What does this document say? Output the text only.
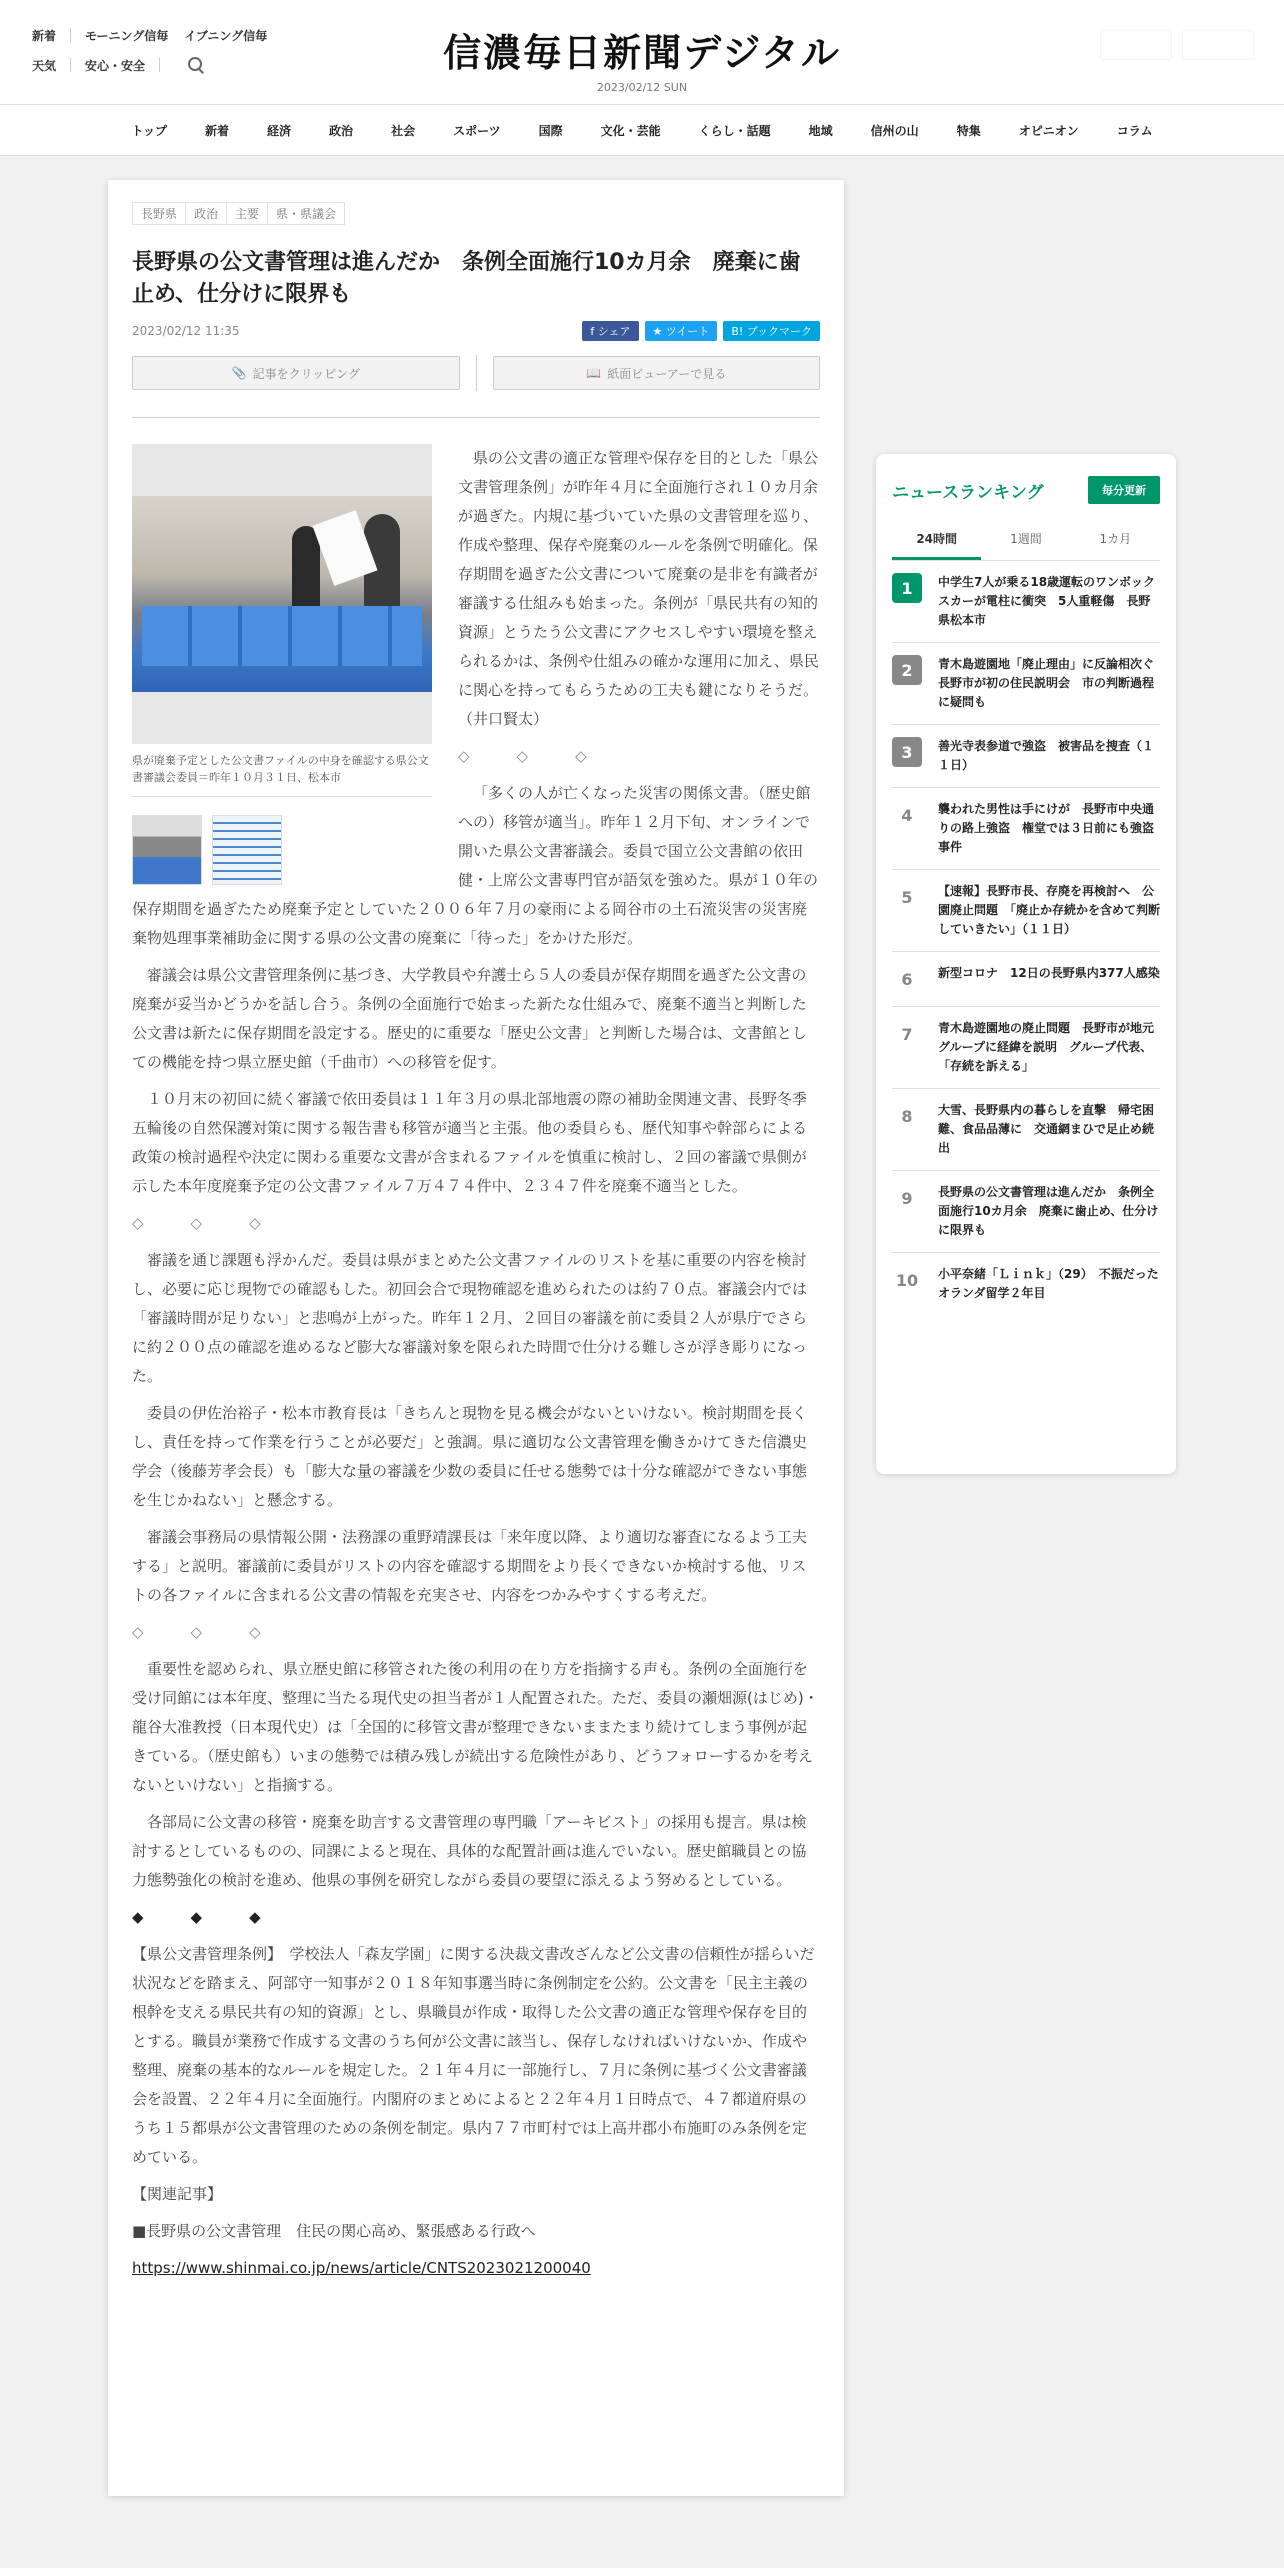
新着 モーニング信毎 イブニング信毎
天気 安心・安全	信濃毎日新聞デジタル
2023/02/12 SUN
トップ	新着	経済	政治	社会	スポーツ	国際	文化・芸能	くらし・話題	地域	信州の山	特集	オピニオン	コラム
長野県	政治	主要	県・県議会
長野県の公文書管理は進んだか　条例全面施行10カ月余　廃棄に歯止め、仕分けに限界も
2023/02/12 11:35	f シェア	★ ツイート	B! ブックマーク
📎 記事をクリッピング	📖 紙面ビューアーで見る
県が廃棄予定とした公文書ファイルの中身を確認する県公文書審議会委員＝昨年１０月３１日、松本市

県の公文書の適正な管理や保存を目的とした「県公文書管理条例」が昨年４月に全面施行され１０カ月余が過ぎた。内規に基づいていた県の文書管理を巡り、作成や整理、保存や廃棄のルールを条例で明確化。保存期間を過ぎた公文書について廃棄の是非を有識者が審議する仕組みも始まった。条例が「県民共有の知的資源」とうたう公文書にアクセスしやすい環境を整えられるかは、条例や仕組みの確かな運用に加え、県民に関心を持ってもらうための工夫も鍵になりそうだ。（井口賢太）

◇　◇　◇

「多くの人が亡くなった災害の関係文書。（歴史館への）移管が適当」。昨年１２月下旬、オンラインで開いた県公文書審議会。委員で国立公文書館の依田健・上席公文書専門官が語気を強めた。県が１０年の保存期間を過ぎたため廃棄予定としていた２００６年７月の豪雨による岡谷市の土石流災害の災害廃棄物処理事業補助金に関する県の公文書の廃棄に「待った」をかけた形だ。

審議会は県公文書管理条例に基づき、大学教員や弁護士ら５人の委員が保存期間を過ぎた公文書の廃棄が妥当かどうかを話し合う。条例の全面施行で始まった新たな仕組みで、廃棄不適当と判断した公文書は新たに保存期間を設定する。歴史的に重要な「歴史公文書」と判断した場合は、文書館としての機能を持つ県立歴史館（千曲市）への移管を促す。

１０月末の初回に続く審議で依田委員は１１年３月の県北部地震の際の補助金関連文書、長野冬季五輪後の自然保護対策に関する報告書も移管が適当と主張。他の委員らも、歴代知事や幹部らによる政策の検討過程や決定に関わる重要な文書が含まれるファイルを慎重に検討し、２回の審議で県側が示した本年度廃棄予定の公文書ファイル７万４７４件中、２３４７件を廃棄不適当とした。

◇　◇　◇

審議を通じ課題も浮かんだ。委員は県がまとめた公文書ファイルのリストを基に重要の内容を検討し、必要に応じ現物での確認もした。初回会合で現物確認を進められたのは約７０点。審議会内では「審議時間が足りない」と悲鳴が上がった。昨年１２月、２回目の審議を前に委員２人が県庁でさらに約２００点の確認を進めるなど膨大な審議対象を限られた時間で仕分ける難しさが浮き彫りになった。

委員の伊佐治裕子・松本市教育長は「きちんと現物を見る機会がないといけない。検討期間を長くし、責任を持って作業を行うことが必要だ」と強調。県に適切な公文書管理を働きかけてきた信濃史学会（後藤芳孝会長）も「膨大な量の審議を少数の委員に任せる態勢では十分な確認ができない事態を生じかねない」と懸念する。

審議会事務局の県情報公開・法務課の重野靖課長は「来年度以降、より適切な審査になるよう工夫する」と説明。審議前に委員がリストの内容を確認する期間をより長くできないか検討する他、リストの各ファイルに含まれる公文書の情報を充実させ、内容をつかみやすくする考えだ。

◇　◇　◇

重要性を認められ、県立歴史館に移管された後の利用の在り方を指摘する声も。条例の全面施行を受け同館には本年度、整理に当たる現代史の担当者が１人配置された。ただ、委員の瀬畑源(はじめ)・龍谷大准教授（日本現代史）は「全国的に移管文書が整理できないままたまり続けてしまう事例が起きている。（歴史館も）いまの態勢では積み残しが続出する危険性があり、どうフォローするかを考えないといけない」と指摘する。

各部局に公文書の移管・廃棄を助言する文書管理の専門職「アーキビスト」の採用も提言。県は検討するとしているものの、同課によると現在、具体的な配置計画は進んでいない。歴史館職員との協力態勢強化の検討を進め、他県の事例を研究しながら委員の要望に添えるよう努めるとしている。

◆　◆　◆

【県公文書管理条例】　学校法人「森友学園」に関する決裁文書改ざんなど公文書の信頼性が揺らいだ状況などを踏まえ、阿部守一知事が２０１８年知事選当時に条例制定を公約。公文書を「民主主義の根幹を支える県民共有の知的資源」とし、県職員が作成・取得した公文書の適正な管理や保存を目的とする。職員が業務で作成する文書のうち何が公文書に該当し、保存しなければいけないか、作成や整理、廃棄の基本的なルールを規定した。２１年４月に一部施行し、７月に条例に基づく公文書審議会を設置、２２年４月に全面施行。内閣府のまとめによると２２年４月１日時点で、４７都道府県のうち１５都県が公文書管理のための条例を制定。県内７７市町村では上高井郡小布施町のみ条例を定めている。

【関連記事】

■長野県の公文書管理　住民の関心高め、緊張感ある行政へ

https://www.shinmai.co.jp/news/article/CNTS2023021200040

ニュースランキング	毎分更新
24時間	1週間	1カ月
1	中学生7人が乗る18歳運転のワンボックスカーが電柱に衝突　5人重軽傷　長野県松本市
2	青木島遊園地「廃止理由」に反論相次ぐ　長野市が初の住民説明会　市の判断過程に疑問も
3	善光寺表参道で強盗　被害品を捜査（１１日）
4	襲われた男性は手にけが　長野市中央通りの路上強盗　権堂では３日前にも強盗事件
5	【速報】長野市長、存廃を再検討へ　公園廃止問題　「廃止か存続かを含めて判断していきたい」（１１日）
6	新型コロナ　12日の長野県内377人感染
7	青木島遊園地の廃止問題　長野市が地元グループに経緯を説明　グループ代表、「存続を訴える」
8	大雪、長野県内の暮らしを直撃　帰宅困難、食品品薄に　交通網まひで足止め続出
9	長野県の公文書管理は進んだか　条例全面施行10カ月余　廃棄に歯止め、仕分けに限界も
10	小平奈緒「Ｌｉｎｋ」（29）　不振だったオランダ留学２年目
